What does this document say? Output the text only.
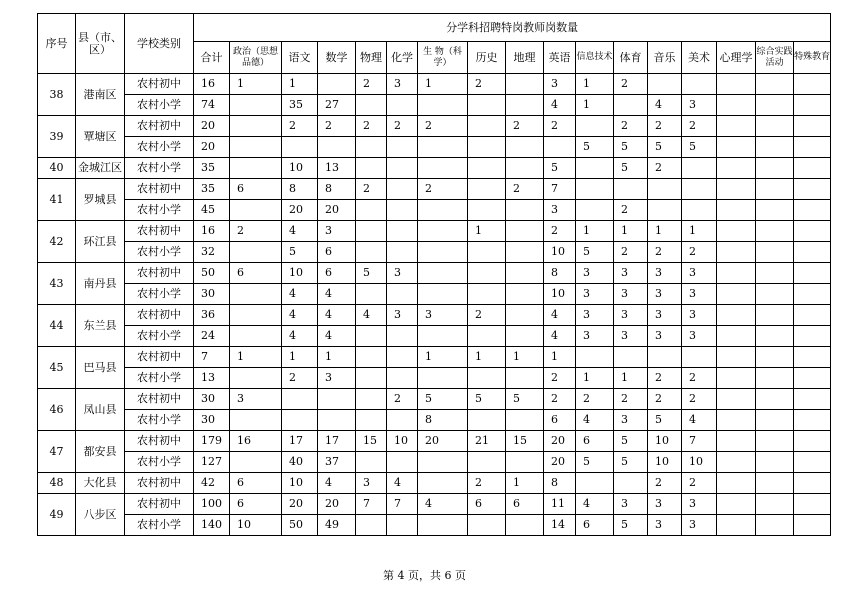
序号	县（市、区）	学校类别	分学科招聘特岗教师岗数量																
			合计	政治（思想品德）	语文	数学	物理	化学	生 物（科学）	历史	地理	英语	信息技术	体育	音乐	美术	心理学	综合实践活动	特殊教育
38	港南区	农村初中	16	1	1		2	3	1	2		3	1	2					
		农村小学	74		35	27						4	1		4	3			
39	覃塘区	农村初中	20		2	2	2	2	2		2	2		2	2	2			
		农村小学	20										5	5	5	5			
40	金城江区	农村小学	35		10	13						5		5	2				
41	罗城县	农村初中	35	6	8	8	2		2		2	7							
		农村小学	45		20	20						3		2					
42	环江县	农村初中	16	2	4	3				1		2	1	1	1	1			
		农村小学	32		5	6						10	5	2	2	2			
43	南丹县	农村初中	50	6	10	6	5	3				8	3	3	3	3			
		农村小学	30		4	4						10	3	3	3	3			
44	东兰县	农村初中	36		4	4	4	3	3	2		4	3	3	3	3			
		农村小学	24		4	4						4	3	3	3	3			
45	巴马县	农村初中	7	1	1	1			1	1	1	1							
		农村小学	13		2	3						2	1	1	2	2			
46	凤山县	农村初中	30	3				2	5	5	5	2	2	2	2	2			
		农村小学	30						8			6	4	3	5	4			
47	都安县	农村初中	179	16	17	17	15	10	20	21	15	20	6	5	10	7			
		农村小学	127		40	37						20	5	5	10	10			
48	大化县	农村初中	42	6	10	4	3	4		2	1	8			2	2			
49	八步区	农村初中	100	6	20	20	7	7	4	6	6	11	4	3	3	3			
		农村小学	140	10	50	49						14	6	5	3	3			
第 4 页，共 6 页
